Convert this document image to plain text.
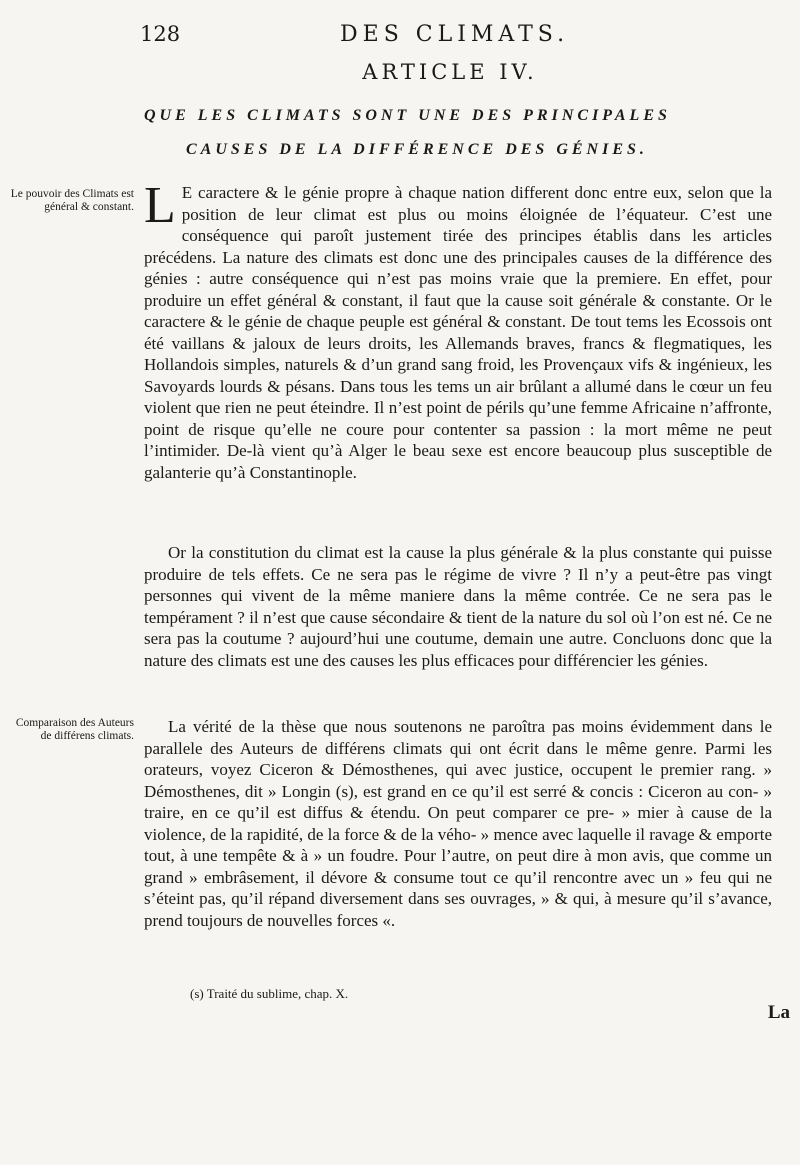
128	DES CLIMATS.
ARTICLE IV.
QUE LES CLIMATS SONT UNE DES PRINCIPALES
CAUSES DE LA DIFFÉRENCE DES GÉNIES.
Le pouvoir des Climats est général & constant.
Comparaison des Auteurs de différens climats.
L E caractere & le génie propre à chaque nation different donc entre eux, selon que la position de leur climat est plus ou moins éloignée de l’équateur. C’est une conséquence qui paroît justement tirée des principes établis dans les articles précédens. La nature des climats est donc une des principales causes de la différence des génies : autre conséquence qui n’est pas moins vraie que la premiere. En effet, pour produire un effet général & constant, il faut que la cause soit générale & constante. Or le caractere & le génie de chaque peuple est général & constant. De tout tems les Ecossois ont été vaillans & jaloux de leurs droits, les Allemands braves, francs & flegmatiques, les Hollandois simples, naturels & d’un grand sang froid, les Provençaux vifs & ingénieux, les Savoyards lourds & pésans. Dans tous les tems un air brûlant a allumé dans le cœur un feu violent que rien ne peut éteindre. Il n’est point de périls qu’une femme Africaine n’affronte, point de risque qu’elle ne coure pour contenter sa passion : la mort même ne peut l’intimider. De-là vient qu’à Alger le beau sexe est encore beaucoup plus susceptible de galanterie qu’à Constantinople.
Or la constitution du climat est la cause la plus générale & la plus constante qui puisse produire de tels effets. Ce ne sera pas le régime de vivre ? Il n’y a peut-être pas vingt personnes qui vivent de la même maniere dans la même contrée. Ce ne sera pas le tempérament ? il n’est que cause sécondaire & tient de la nature du sol où l’on est né. Ce ne sera pas la coutume ? aujourd’hui une coutume, demain une autre. Concluons donc que la nature des climats est une des causes les plus efficaces pour différencier les génies.
La vérité de la thèse que nous soutenons ne paroîtra pas moins évidemment dans le parallele des Auteurs de différens climats qui ont écrit dans le même genre. Parmi les orateurs, voyez Ciceron & Démosthenes, qui avec justice, occupent le premier rang. » Démosthenes, dit » Longin (s), est grand en ce qu’il est serré & concis : Ciceron au con- » traire, en ce qu’il est diffus & étendu. On peut comparer ce pre- » mier à cause de la violence, de la rapidité, de la force & de la vého- » mence avec laquelle il ravage & emporte tout, à une tempête & à » un foudre. Pour l’autre, on peut dire à mon avis, que comme un grand » embrâsement, il dévore & consume tout ce qu’il rencontre avec un » feu qui ne s’éteint pas, qu’il répand diversement dans ses ouvrages, » & qui, à mesure qu’il s’avance, prend toujours de nouvelles forces «.
(s) Traité du sublime, chap. X.
La
